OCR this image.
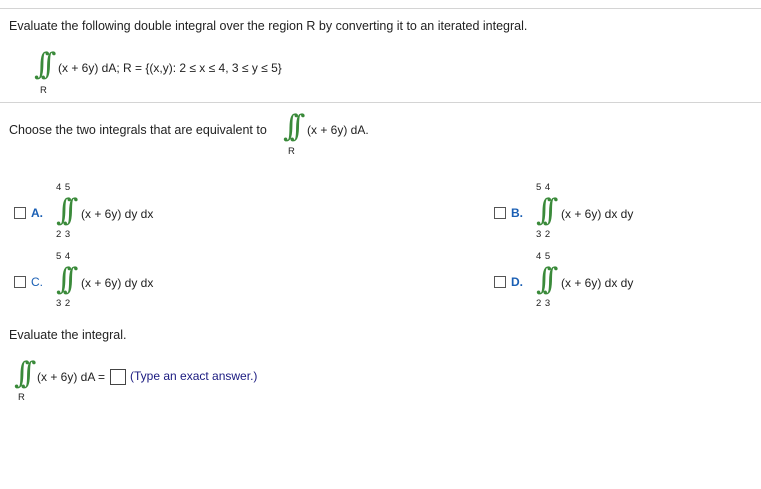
Evaluate the following double integral over the region R by converting it to an iterated integral.
∫∫ (x + 6y) dA; R = {(x,y): 2 ≤ x ≤ 4, 3 ≤ y ≤ 5}
R
Choose the two integrals that are equivalent to ∫∫ (x + 6y) dA.
R
A.
4 5
∫∫ (x + 6y) dy dx
2 3
B.
5 4
∫∫ (x + 6y) dx dy
3 2
C.
5 4
∫∫ (x + 6y) dy dx
3 2
D.
4 5
∫∫ (x + 6y) dx dy
2 3
Evaluate the integral.
∫∫ (x + 6y) dA = (Type an exact answer.)
R
